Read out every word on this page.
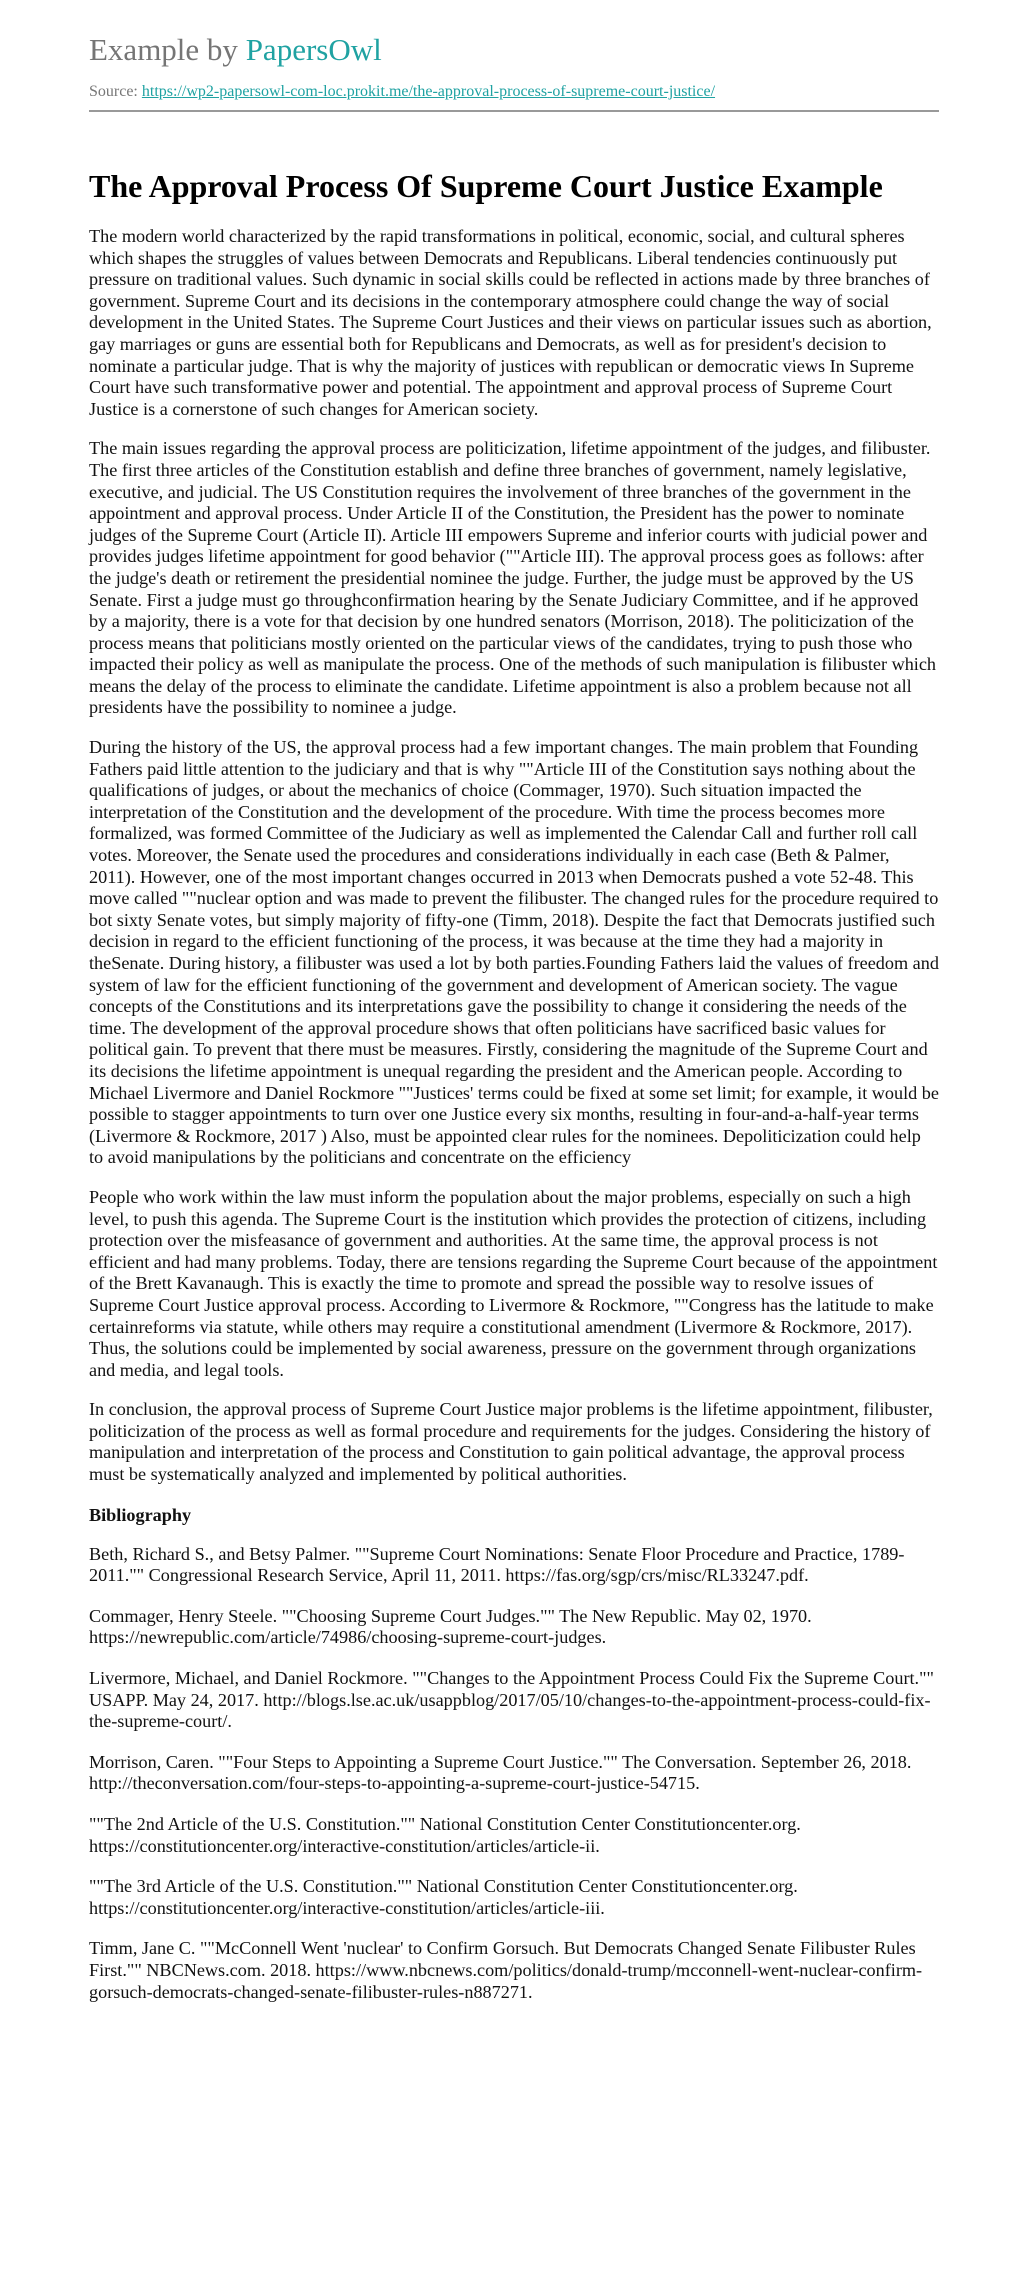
Example by PapersOwl
Source: https://wp2-papersowl-com-loc.prokit.me/the-approval-process-of-supreme-court-justice/
The Approval Process Of Supreme Court Justice Example

The modern world characterized by the rapid transformations in political, economic, social, and cultural spheres which shapes the struggles of values between Democrats and Republicans. Liberal tendencies continuously put pressure on traditional values. Such dynamic in social skills could be reflected in actions made by three branches of government. Supreme Court and its decisions in the contemporary atmosphere could change the way of social development in the United States. The Supreme Court Justices and their views on particular issues such as abortion, gay marriages or guns are essential both for Republicans and Democrats, as well as for president's decision to nominate a particular judge. That is why the majority of justices with republican or democratic views In Supreme Court have such transformative power and potential. The appointment and approval process of Supreme Court Justice is a cornerstone of such changes for American society.

The main issues regarding the approval process are politicization, lifetime appointment of the judges, and filibuster. The first three articles of the Constitution establish and define three branches of government, namely legislative, executive, and judicial. The US Constitution requires the involvement of three branches of the government in the appointment and approval process. Under Article II of the Constitution, the President has the power to nominate judges of the Supreme Court (Article II). Article III empowers Supreme and inferior courts with judicial power and provides judges lifetime appointment for good behavior (""Article III). The approval process goes as follows: after the judge's death or retirement the presidential nominee the judge. Further, the judge must be approved by the US Senate. First a judge must go throughconfirmation hearing by the Senate Judiciary Committee, and if he approved by a majority, there is a vote for that decision by one hundred senators (Morrison, 2018). The politicization of the process means that politicians mostly oriented on the particular views of the candidates, trying to push those who impacted their policy as well as manipulate the process. One of the methods of such manipulation is filibuster which means the delay of the process to eliminate the candidate. Lifetime appointment is also a problem because not all presidents have the possibility to nominee a judge.

During the history of the US, the approval process had a few important changes. The main problem that Founding Fathers paid little attention to the judiciary and that is why ""Article III of the Constitution says nothing about the qualifications of judges, or about the mechanics of choice (Commager, 1970). Such situation impacted the interpretation of the Constitution and the development of the procedure. With time the process becomes more formalized, was formed Committee of the Judiciary as well as implemented the Calendar Call and further roll call votes. Moreover, the Senate used the procedures and considerations individually in each case (Beth & Palmer, 2011). However, one of the most important changes occurred in 2013 when Democrats pushed a vote 52-48. This move called ""nuclear option and was made to prevent the filibuster. The changed rules for the procedure required to bot sixty Senate votes, but simply majority of fifty-one (Timm, 2018). Despite the fact that Democrats justified such decision in regard to the efficient functioning of the process, it was because at the time they had a majority in theSenate. During history, a filibuster was used a lot by both parties.Founding Fathers laid the values of freedom and system of law for the efficient functioning of the government and development of American society. The vague concepts of the Constitutions and its interpretations gave the possibility to change it considering the needs of the time. The development of the approval procedure shows that often politicians have sacrificed basic values for political gain. To prevent that there must be measures. Firstly, considering the magnitude of the Supreme Court and its decisions the lifetime appointment is unequal regarding the president and the American people. According to Michael Livermore and Daniel Rockmore ""Justices' terms could be fixed at some set limit; for example, it would be possible to stagger appointments to turn over one Justice every six months, resulting in four-and-a-half-year terms (Livermore & Rockmore, 2017 ) Also, must be appointed clear rules for the nominees. Depoliticization could help to avoid manipulations by the politicians and concentrate on the efficiency

People who work within the law must inform the population about the major problems, especially on such a high level, to push this agenda. The Supreme Court is the institution which provides the protection of citizens, including protection over the misfeasance of government and authorities. At the same time, the approval process is not efficient and had many problems. Today, there are tensions regarding the Supreme Court because of the appointment of the Brett Kavanaugh. This is exactly the time to promote and spread the possible way to resolve issues of Supreme Court Justice approval process. According to Livermore & Rockmore, ""Congress has the latitude to make certainreforms via statute, while others may require a constitutional amendment (Livermore & Rockmore, 2017). Thus, the solutions could be implemented by social awareness, pressure on the government through organizations and media, and legal tools.

In conclusion, the approval process of Supreme Court Justice major problems is the lifetime appointment, filibuster, politicization of the process as well as formal procedure and requirements for the judges. Considering the history of manipulation and interpretation of the process and Constitution to gain political advantage, the approval process must be systematically analyzed and implemented by political authorities.

Bibliography
Beth, Richard S., and Betsy Palmer. ""Supreme Court Nominations: Senate Floor Procedure and Practice, 1789-2011."" Congressional Research Service, April 11, 2011. https://fas.org/sgp/crs/misc/RL33247.pdf.
Commager, Henry Steele. ""Choosing Supreme Court Judges."" The New Republic. May 02, 1970. https://newrepublic.com/article/74986/choosing-supreme-court-judges.
Livermore, Michael, and Daniel Rockmore. ""Changes to the Appointment Process Could Fix the Supreme Court."" USAPP. May 24, 2017. http://blogs.lse.ac.uk/usappblog/2017/05/10/changes-to-the-appointment-process-could-fix-the-supreme-court/.
Morrison, Caren. ""Four Steps to Appointing a Supreme Court Justice."" The Conversation. September 26, 2018. http://theconversation.com/four-steps-to-appointing-a-supreme-court-justice-54715.
""The 2nd Article of the U.S. Constitution."" National Constitution Center Constitutioncenter.org. https://constitutioncenter.org/interactive-constitution/articles/article-ii.
""The 3rd Article of the U.S. Constitution."" National Constitution Center Constitutioncenter.org. https://constitutioncenter.org/interactive-constitution/articles/article-iii.
Timm, Jane C. ""McConnell Went 'nuclear' to Confirm Gorsuch. But Democrats Changed Senate Filibuster Rules First."" NBCNews.com. 2018. https://www.nbcnews.com/politics/donald-trump/mcconnell-went-nuclear-confirm-gorsuch-democrats-changed-senate-filibuster-rules-n887271.
